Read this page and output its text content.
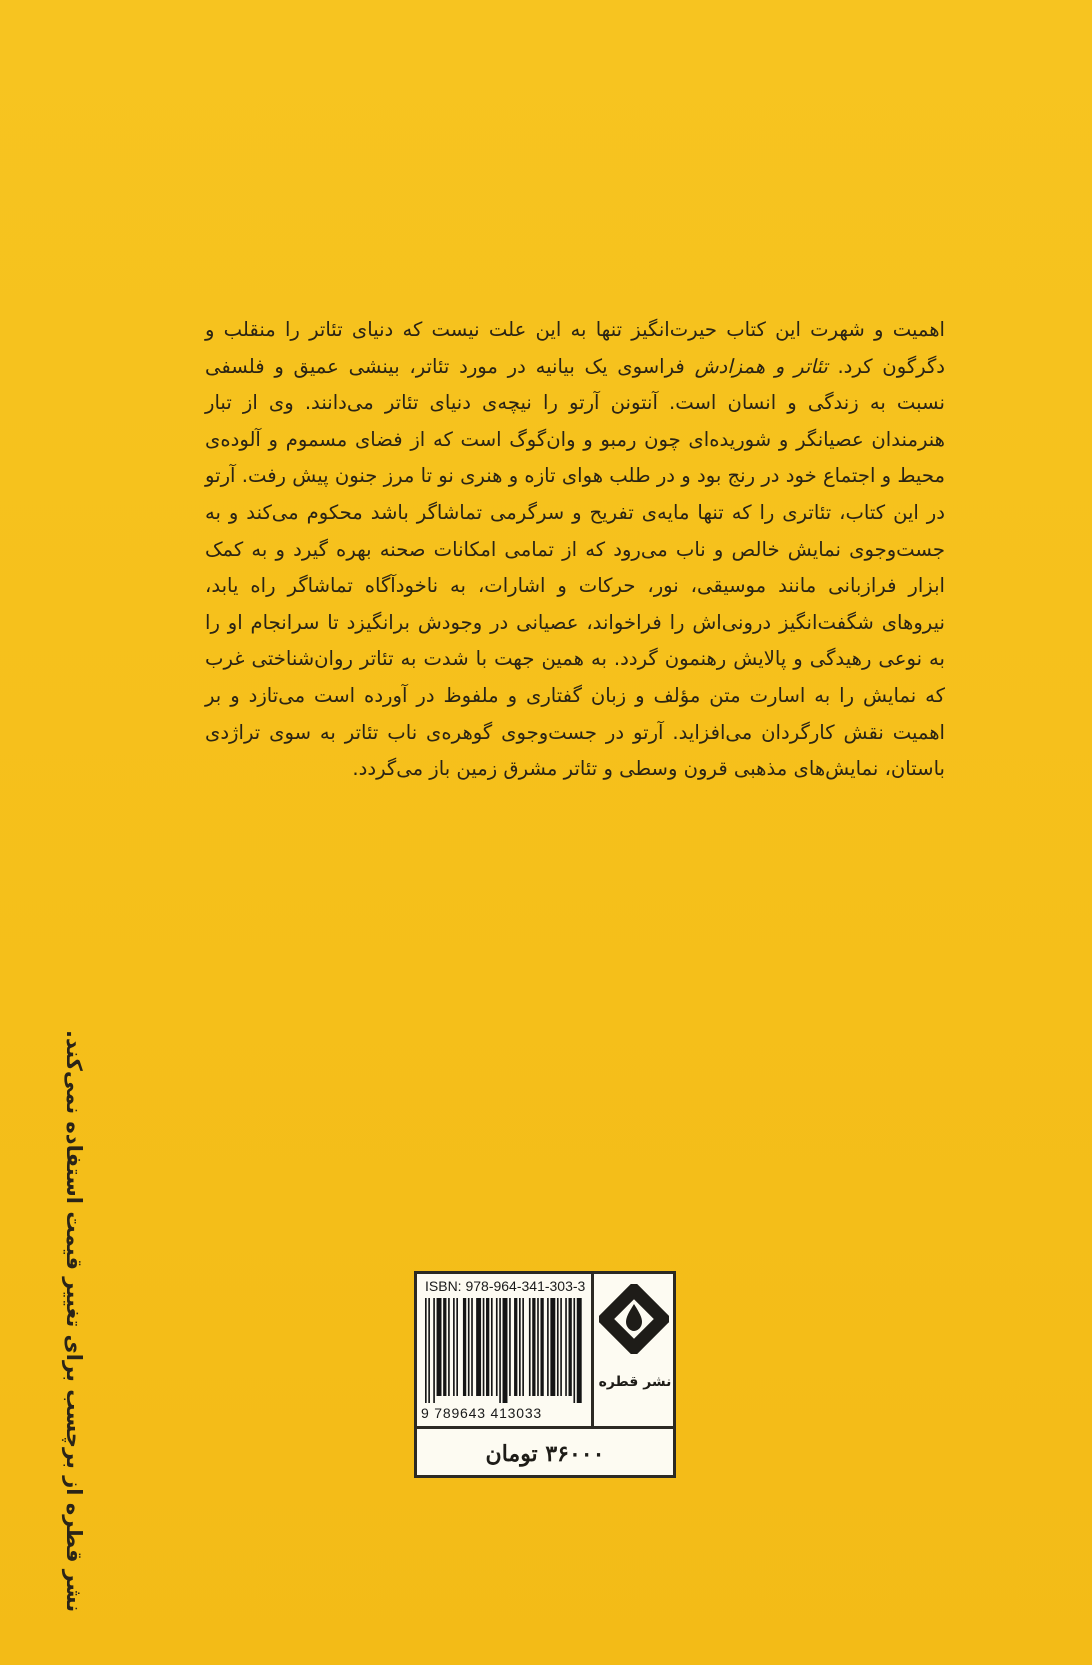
اهمیت و شهرت این کتاب حیرت‌انگیز تنها به این علت نیست که دنیای تئاتر را منقلب و دگرگون کرد. تئاتر و همزادش فراسوی یک بیانیه در مورد تئاتر، بینشی عمیق و فلسفی نسبت به زندگی و انسان است. آنتونن آرتو را نیچه‌ی دنیای تئاتر می‌دانند. وی از تبار هنرمندان عصیانگر و شوریده‌ای چون رمبو و وان‌گوگ است که از فضای مسموم و آلوده‌ی محیط و اجتماع خود در رنج بود و در طلب هوای تازه و هنری نو تا مرز جنون پیش رفت. آرتو در این کتاب، تئاتری را که تنها مایه‌ی تفریح و سرگرمی تماشاگر باشد محکوم می‌کند و به جست‌وجوی نمایش خالص و ناب می‌رود که از تمامی امکانات صحنه بهره گیرد و به کمک ابزار فرازبانی مانند موسیقی، نور، حرکات و اشارات، به ناخودآگاه تماشاگر راه یابد، نیروهای شگفت‌انگیز درونی‌اش را فراخواند، عصیانی در وجودش برانگیزد تا سرانجام او را به نوعی رهیدگی و پالایش رهنمون گردد. به همین جهت با شدت به تئاتر روان‌شناختی غرب که نمایش را به اسارت متن مؤلف و زبان گفتاری و ملفوظ در آورده است می‌تازد و بر اهمیت نقش کارگردان می‌افزاید. آرتو در جست‌وجوی گوهره‌ی ناب تئاتر به سوی تراژدی باستان، نمایش‌های مذهبی قرون وسطی و تئاتر مشرق زمین باز می‌گردد.

نشر قطره از برچسب برای تغییر قیمت استفاده نمی‌کند.	ISBN: 978-964-341-303-3
9 789643 413033
نشر قطره
۳۶۰۰۰ تومان
